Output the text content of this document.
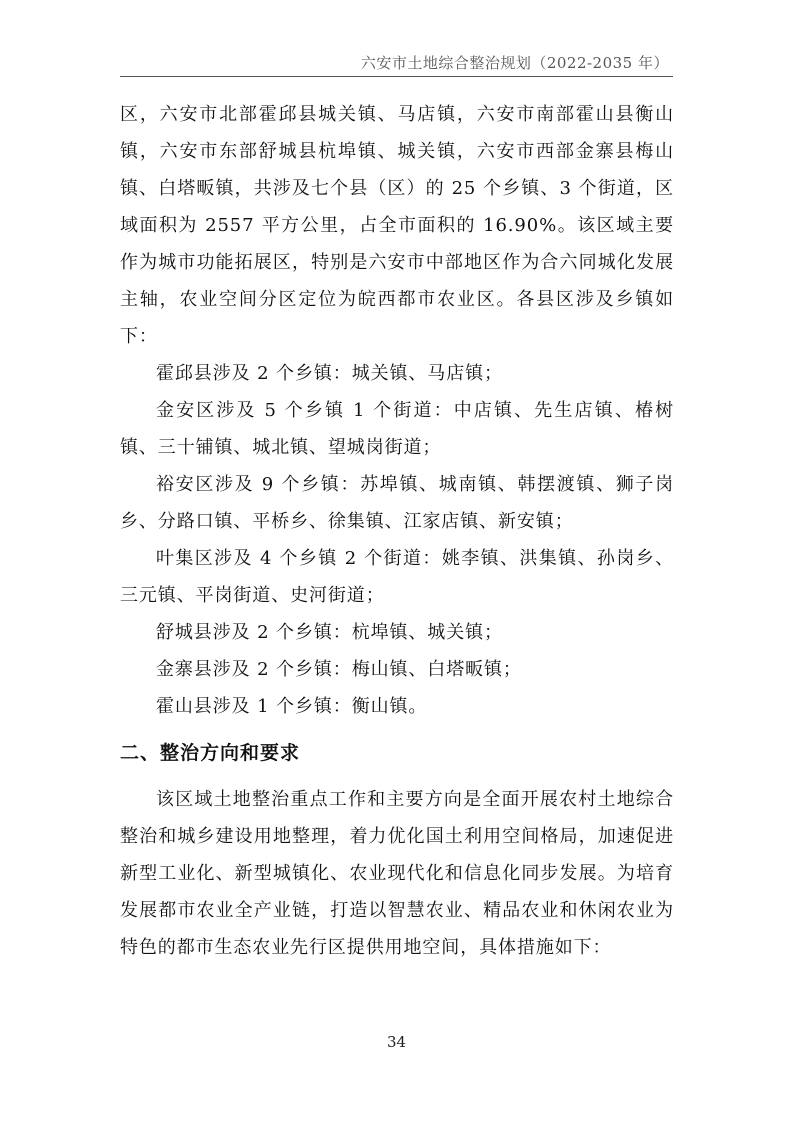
六安市土地综合整治规划（2022-2035 年）

区，六安市北部霍邱县城关镇、马店镇，六安市南部霍山县衡山镇，六安市东部舒城县杭埠镇、城关镇，六安市西部金寨县梅山镇、白塔畈镇，共涉及七个县（区）的 25 个乡镇、3 个街道，区域面积为 2557 平方公里，占全市面积的 16.90%。该区域主要作为城市功能拓展区，特别是六安市中部地区作为合六同城化发展主轴，农业空间分区定位为皖西都市农业区。各县区涉及乡镇如下：

霍邱县涉及 2 个乡镇：城关镇、马店镇；

金安区涉及 5 个乡镇 1 个街道：中店镇、先生店镇、椿树镇、三十铺镇、城北镇、望城岗街道；

裕安区涉及 9 个乡镇：苏埠镇、城南镇、韩摆渡镇、狮子岗乡、分路口镇、平桥乡、徐集镇、江家店镇、新安镇；

叶集区涉及 4 个乡镇 2 个街道：姚李镇、洪集镇、孙岗乡、三元镇、平岗街道、史河街道；

舒城县涉及 2 个乡镇：杭埠镇、城关镇；

金寨县涉及 2 个乡镇：梅山镇、白塔畈镇；

霍山县涉及 1 个乡镇：衡山镇。

二、整治方向和要求

该区域土地整治重点工作和主要方向是全面开展农村土地综合整治和城乡建设用地整理，着力优化国土利用空间格局，加速促进新型工业化、新型城镇化、农业现代化和信息化同步发展。为培育发展都市农业全产业链，打造以智慧农业、精品农业和休闲农业为特色的都市生态农业先行区提供用地空间，具体措施如下：

34
